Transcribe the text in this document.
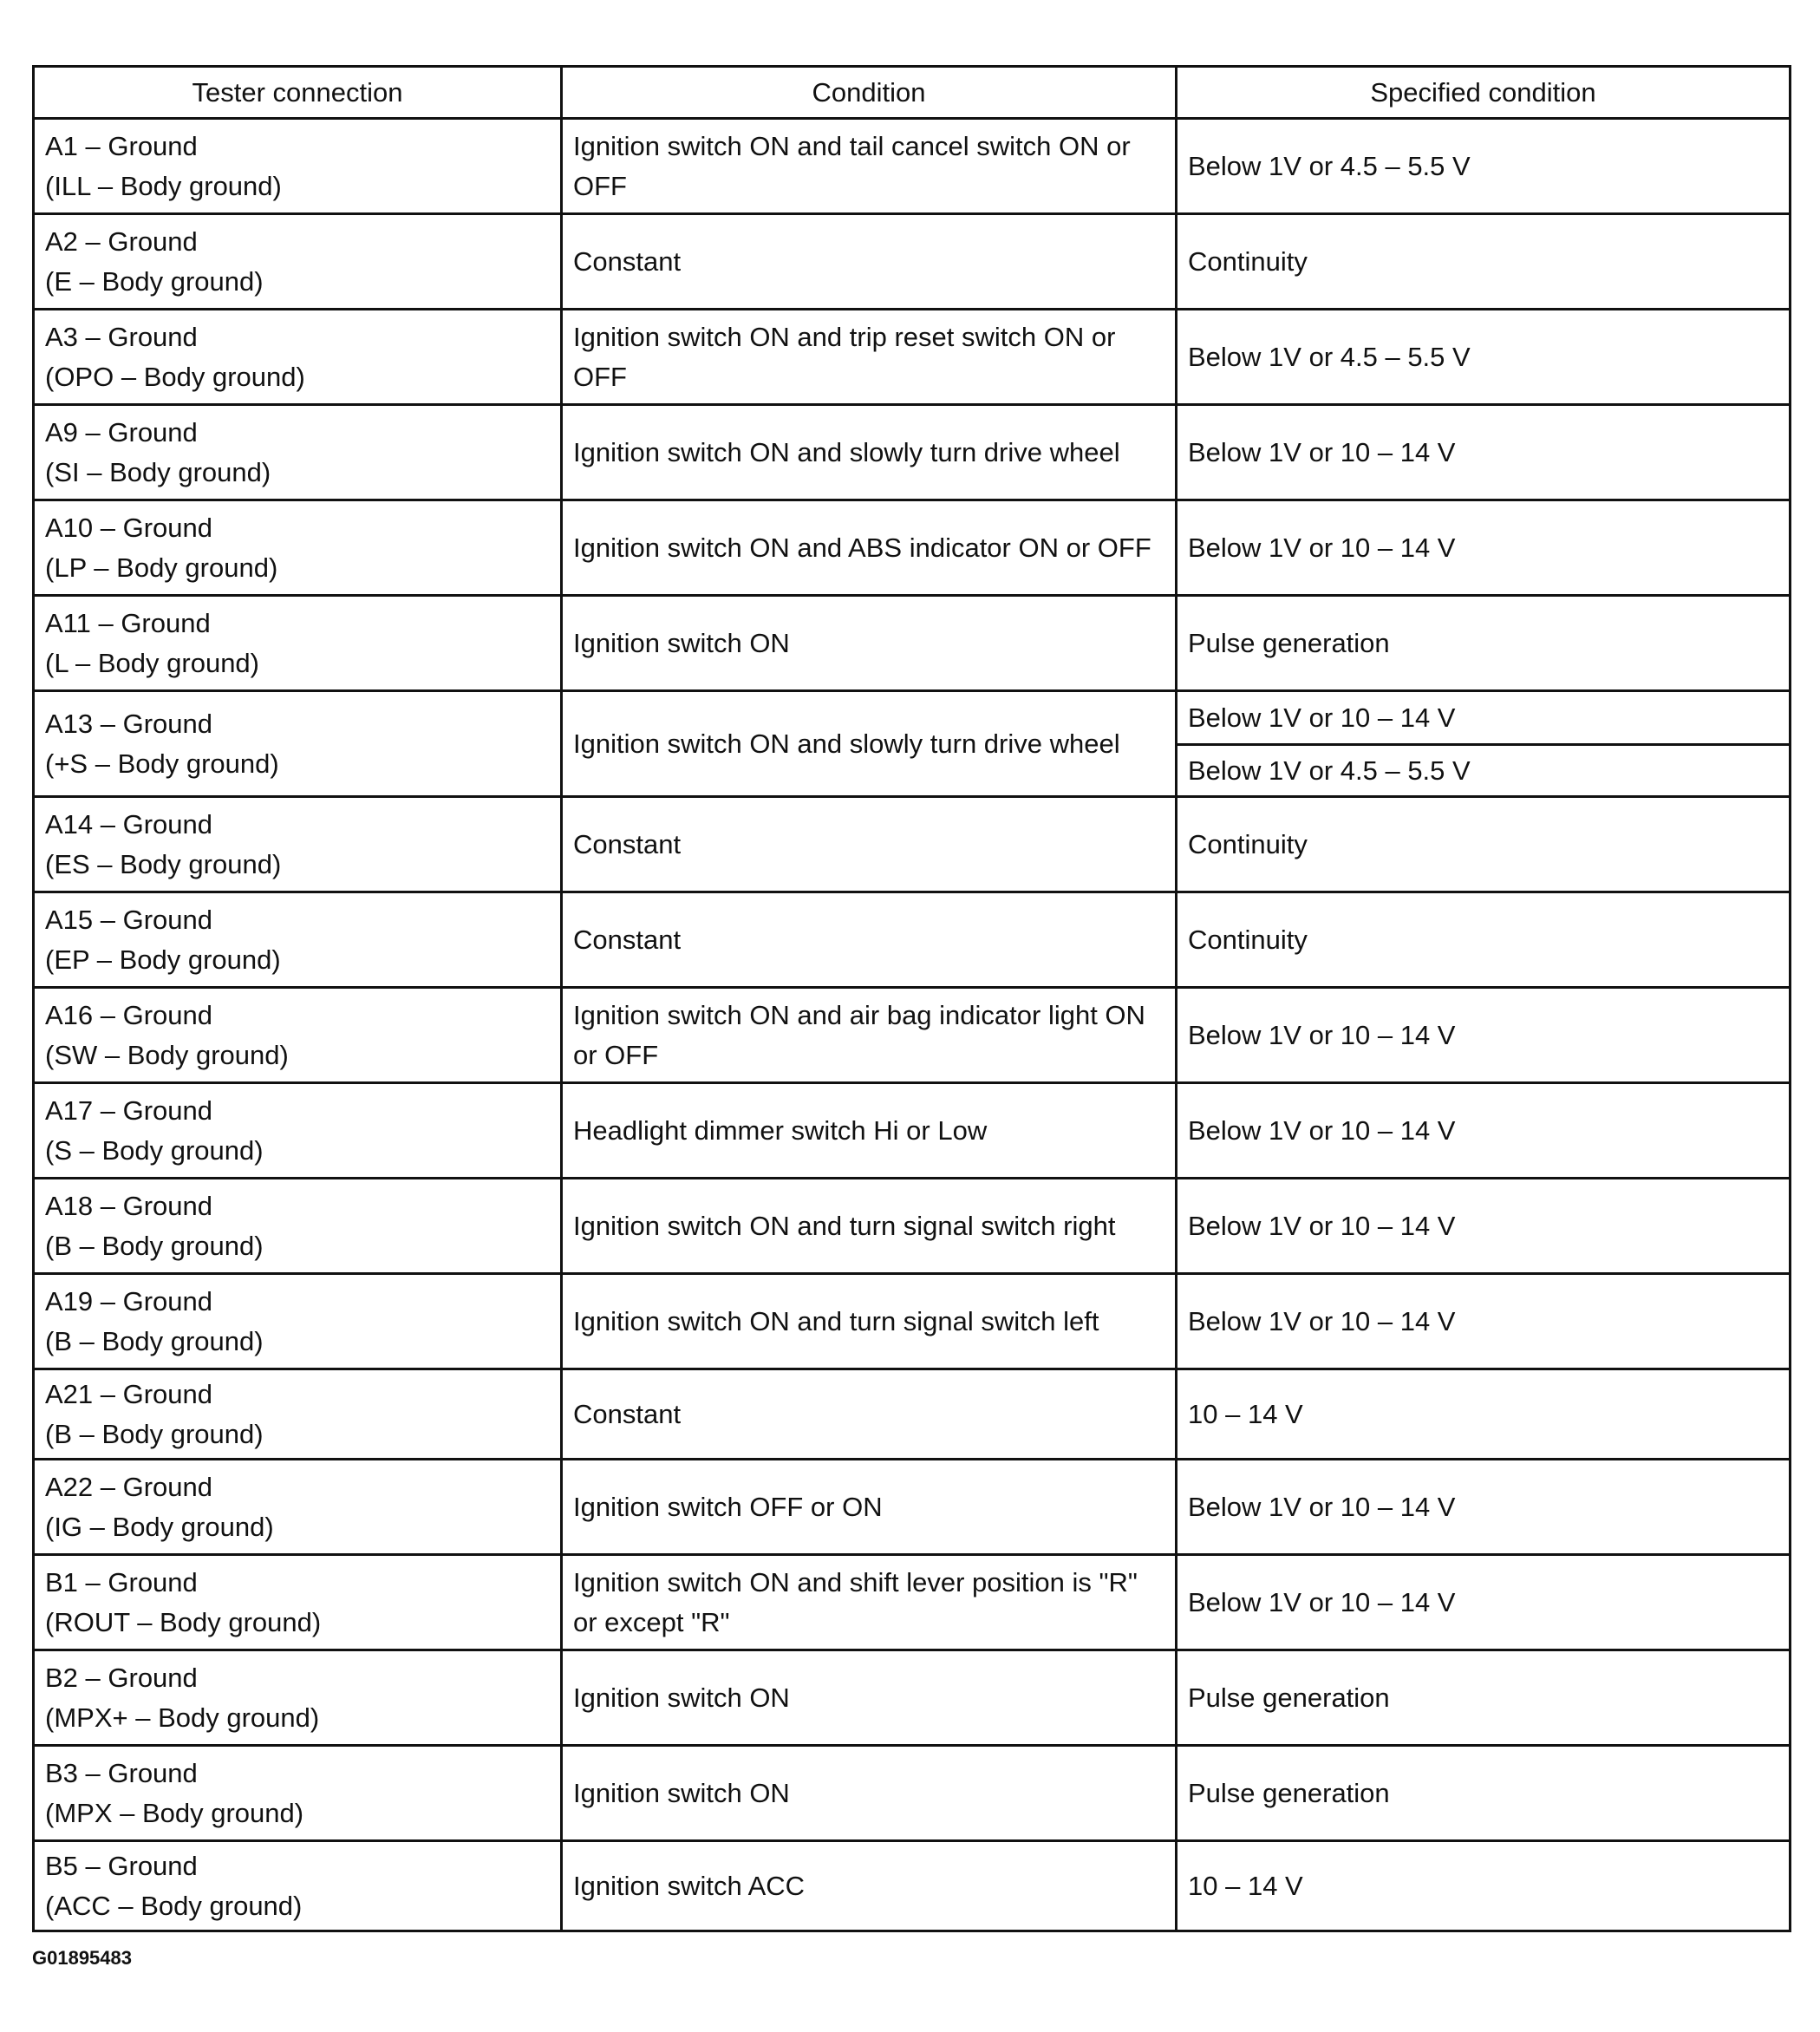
Tester connection	Condition	Specified condition

A1 – Ground
(ILL – Body ground)	Ignition switch ON and tail cancel switch ON or OFF	Below 1V or 4.5 – 5.5 V

A2 – Ground
(E – Body ground)	Constant	Continuity

A3 – Ground
(OPO – Body ground)	Ignition switch ON and trip reset switch ON or OFF	Below 1V or 4.5 – 5.5 V

A9 – Ground
(SI – Body ground)	Ignition switch ON and slowly turn drive wheel	Below 1V or 10 – 14 V

A10 – Ground
(LP – Body ground)	Ignition switch ON and ABS indicator ON or OFF	Below 1V or 10 – 14 V

A11 – Ground
(L – Body ground)	Ignition switch ON	Pulse generation

A13 – Ground
(+S – Body ground)	Ignition switch ON and slowly turn drive wheel	Below 1V or 10 – 14 V
		Below 1V or 4.5 – 5.5 V

A14 – Ground
(ES – Body ground)	Constant	Continuity

A15 – Ground
(EP – Body ground)	Constant	Continuity

A16 – Ground
(SW – Body ground)	Ignition switch ON and air bag indicator light ON or OFF	Below 1V or 10 – 14 V

A17 – Ground
(S – Body ground)	Headlight dimmer switch Hi or Low	Below 1V or 10 – 14 V

A18 – Ground
(B – Body ground)	Ignition switch ON and turn signal switch right	Below 1V or 10 – 14 V

A19 – Ground
(B – Body ground)	Ignition switch ON and turn signal switch left	Below 1V or 10 – 14 V

A21 – Ground
(B – Body ground)	Constant	10 – 14 V

A22 – Ground
(IG – Body ground)	Ignition switch OFF or ON	Below 1V or 10 – 14 V

B1 – Ground
(ROUT – Body ground)	Ignition switch ON and shift lever position is "R" or except "R"	Below 1V or 10 – 14 V

B2 – Ground
(MPX+ – Body ground)	Ignition switch ON	Pulse generation

B3 – Ground
(MPX – Body ground)	Ignition switch ON	Pulse generation

B5 – Ground
(ACC – Body ground)	Ignition switch ACC	10 – 14 V
G01895483
